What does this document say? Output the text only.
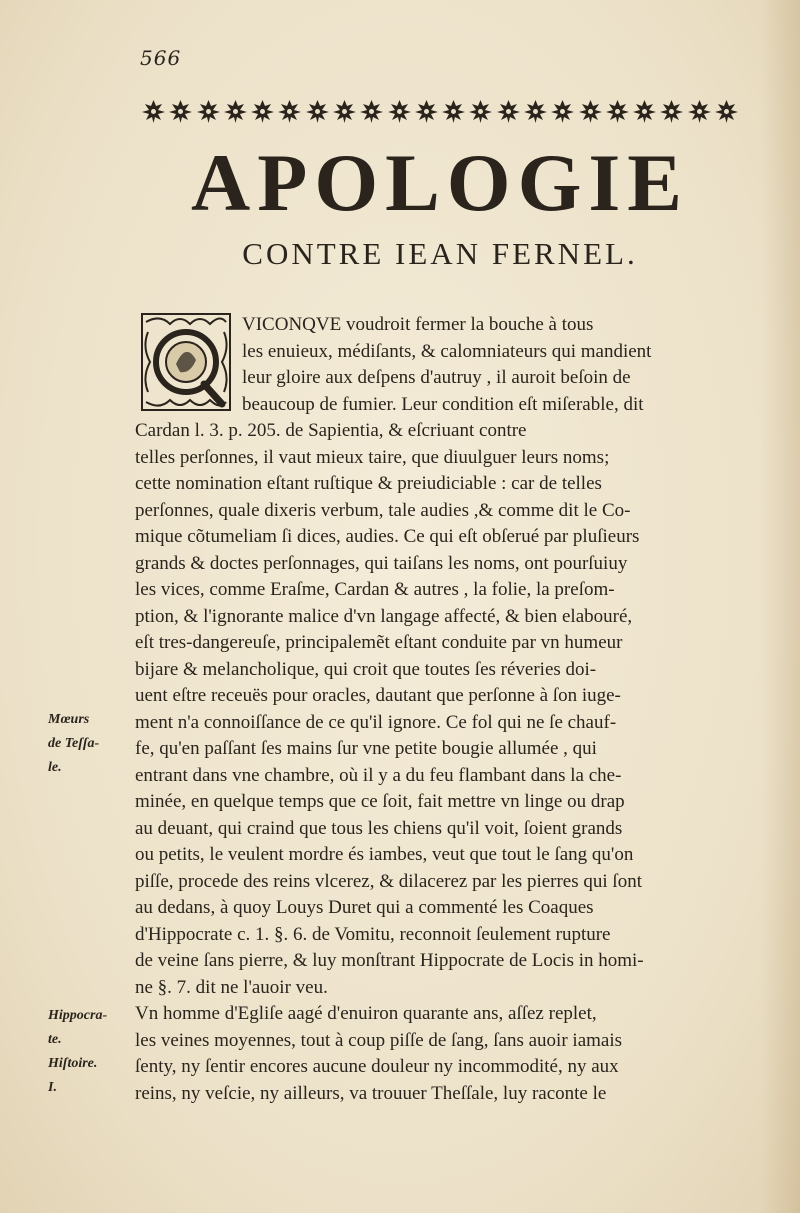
566
APOLOGIE
CONTRE IEAN FERNEL.
VICONQVE voudroit fermer la bouche à tous
les enuieux, médiſants, & calomniateurs qui mandient
leur gloire aux deſpens d'autruy , il auroit beſoin de
beaucoup de fumier. Leur condition eſt miſerable, dit
Cardan l. 3. p. 205. de Sapientia, & eſcriuant contre
telles perſonnes, il vaut mieux taire, que diuulguer leurs noms;
cette nomination eſtant ruſtique & preiudiciable : car de telles
perſonnes, quale dixeris verbum, tale audies ,& comme dit le Co-
mique cõtumeliam ſi dices, audies. Ce qui eſt obſerué par pluſieurs
grands & doctes perſonnages, qui taiſans les noms, ont pourſuiuy
les vices, comme Eraſme, Cardan & autres , la folie, la preſom-
ption, & l'ignorante malice d'vn langage affecté, & bien elabouré,
eſt tres-dangereuſe, principalemẽt eſtant conduite par vn humeur
bijare & melancholique, qui croit que toutes ſes réveries doi-
uent eſtre receuës pour oracles, dautant que perſonne à ſon iuge-
ment n'a connoiſſance de ce qu'il ignore. Ce fol qui ne ſe chauf-
fe, qu'en paſſant ſes mains ſur vne petite bougie allumée , qui
entrant dans vne chambre, où il y a du feu flambant dans la che-
minée, en quelque temps que ce ſoit, fait mettre vn linge ou drap
au deuant, qui craind que tous les chiens qu'il voit, ſoient grands
ou petits, le veulent mordre és iambes, veut que tout le ſang qu'on
piſſe, procede des reins vlcerez, & dilacerez par les pierres qui ſont
au dedans, à quoy Louys Duret qui a commenté les Coaques
d'Hippocrate c. 1. §. 6. de Vomitu, reconnoit ſeulement rupture
de veine ſans pierre, & luy monſtrant Hippocrate de Locis in homi-
ne §. 7. dit ne l'auoir veu.
Vn homme d'Egliſe aagé d'enuiron quarante ans, aſſez replet,
les veines moyennes, tout à coup piſſe de ſang, ſans auoir iamais
ſenty, ny ſentir encores aucune douleur ny incommodité, ny aux
reins, ny veſcie, ny ailleurs, va trouuer Theſſale, luy raconte le
Mœurs
de Teſſa-
le.
Hippocra-
te.
Hiſtoire.
I.
